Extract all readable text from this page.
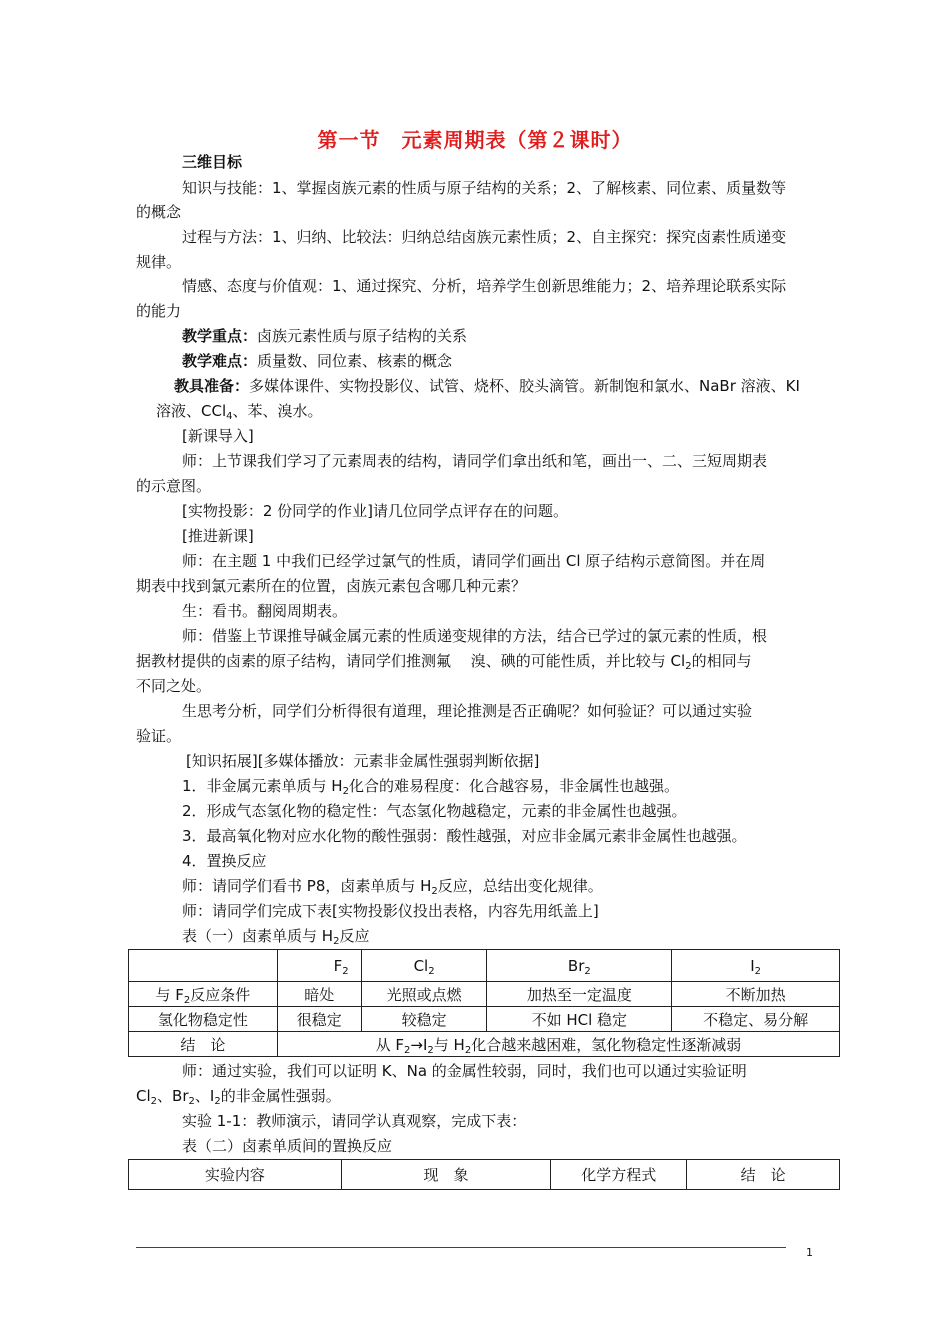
第一节　元素周期表（第２课时）
三维目标
知识与技能：1、掌握卤族元素的性质与原子结构的关系；2、了解核素、同位素、质量数等
的概念
过程与方法：1、归纳、比较法：归纳总结卤族元素性质；2、自主探究：探究卤素性质递变
规律。
情感、态度与价值观：1、通过探究、分析，培养学生创新思维能力；2、培养理论联系实际
的能力
教学重点：卤族元素性质与原子结构的关系
教学难点：质量数、同位素、核素的概念
教具准备：多媒体课件、实物投影仪、试管、烧杯、胶头滴管。新制饱和氯水、NaBr 溶液、KI
溶液、CCl$_4$、苯、溴水。
[新课导入]
师：上节课我们学习了元素周表的结构，请同学们拿出纸和笔，画出一、二、三短周期表
的示意图。
[实物投影：2 份同学的作业]请几位同学点评存在的问题。
[推进新课]
师：在主题 1 中我们已经学过氯气的性质，请同学们画出 Cl 原子结构示意简图。并在周
期表中找到氯元素所在的位置，卤族元素包含哪几种元素？
生：看书。翻阅周期表。
师：借鉴上节课推导碱金属元素的性质递变规律的方法，结合已学过的氯元素的性质，根
据教材提供的卤素的原子结构，请同学们推测氟　 溴、碘的可能性质，并比较与 $Cl_2$的相同与
不同之处。
生思考分析，同学们分析得很有道理，理论推测是否正确呢？如何验证？可以通过实验
验证。
[知识拓展][多媒体播放：元素非金属性强弱判断依据]
1．非金属元素单质与 $H_2$化合的难易程度：化合越容易，非金属性也越强。
2．形成气态氢化物的稳定性：气态氢化物越稳定，元素的非金属性也越强。
3．最高氧化物对应水化物的酸性强弱：酸性越强，对应非金属元素非金属性也越强。
4．置换反应
师：请同学们看书 P8，卤素单质与 $H_2$反应，总结出变化规律。
师：请同学们完成下表[实物投影仪投出表格，内容先用纸盖上]
表（一）卤素单质与 $H_2$反应
	$F_2$	$Cl_2$	$Br_2$	$I_2$
与 $F_2$反应条件	暗处	光照或点燃	加热至一定温度	不断加热
氢化物稳定性	很稳定	较稳定	不如 HCl 稳定	不稳定、易分解
结　论	从 $F_2\to I_2$与 $H_2$化合越来越困难，氢化物稳定性逐渐减弱			
师：通过实验，我们可以证明 K、Na 的金属性较弱，同时，我们也可以通过实验证明
$Cl_2$、$Br_2$、$I_2$的非金属性强弱。
实验 1-1：教师演示，请同学认真观察，完成下表：
表（二）卤素单质间的置换反应
实验内容	现　象	化学方程式	结　论
1
